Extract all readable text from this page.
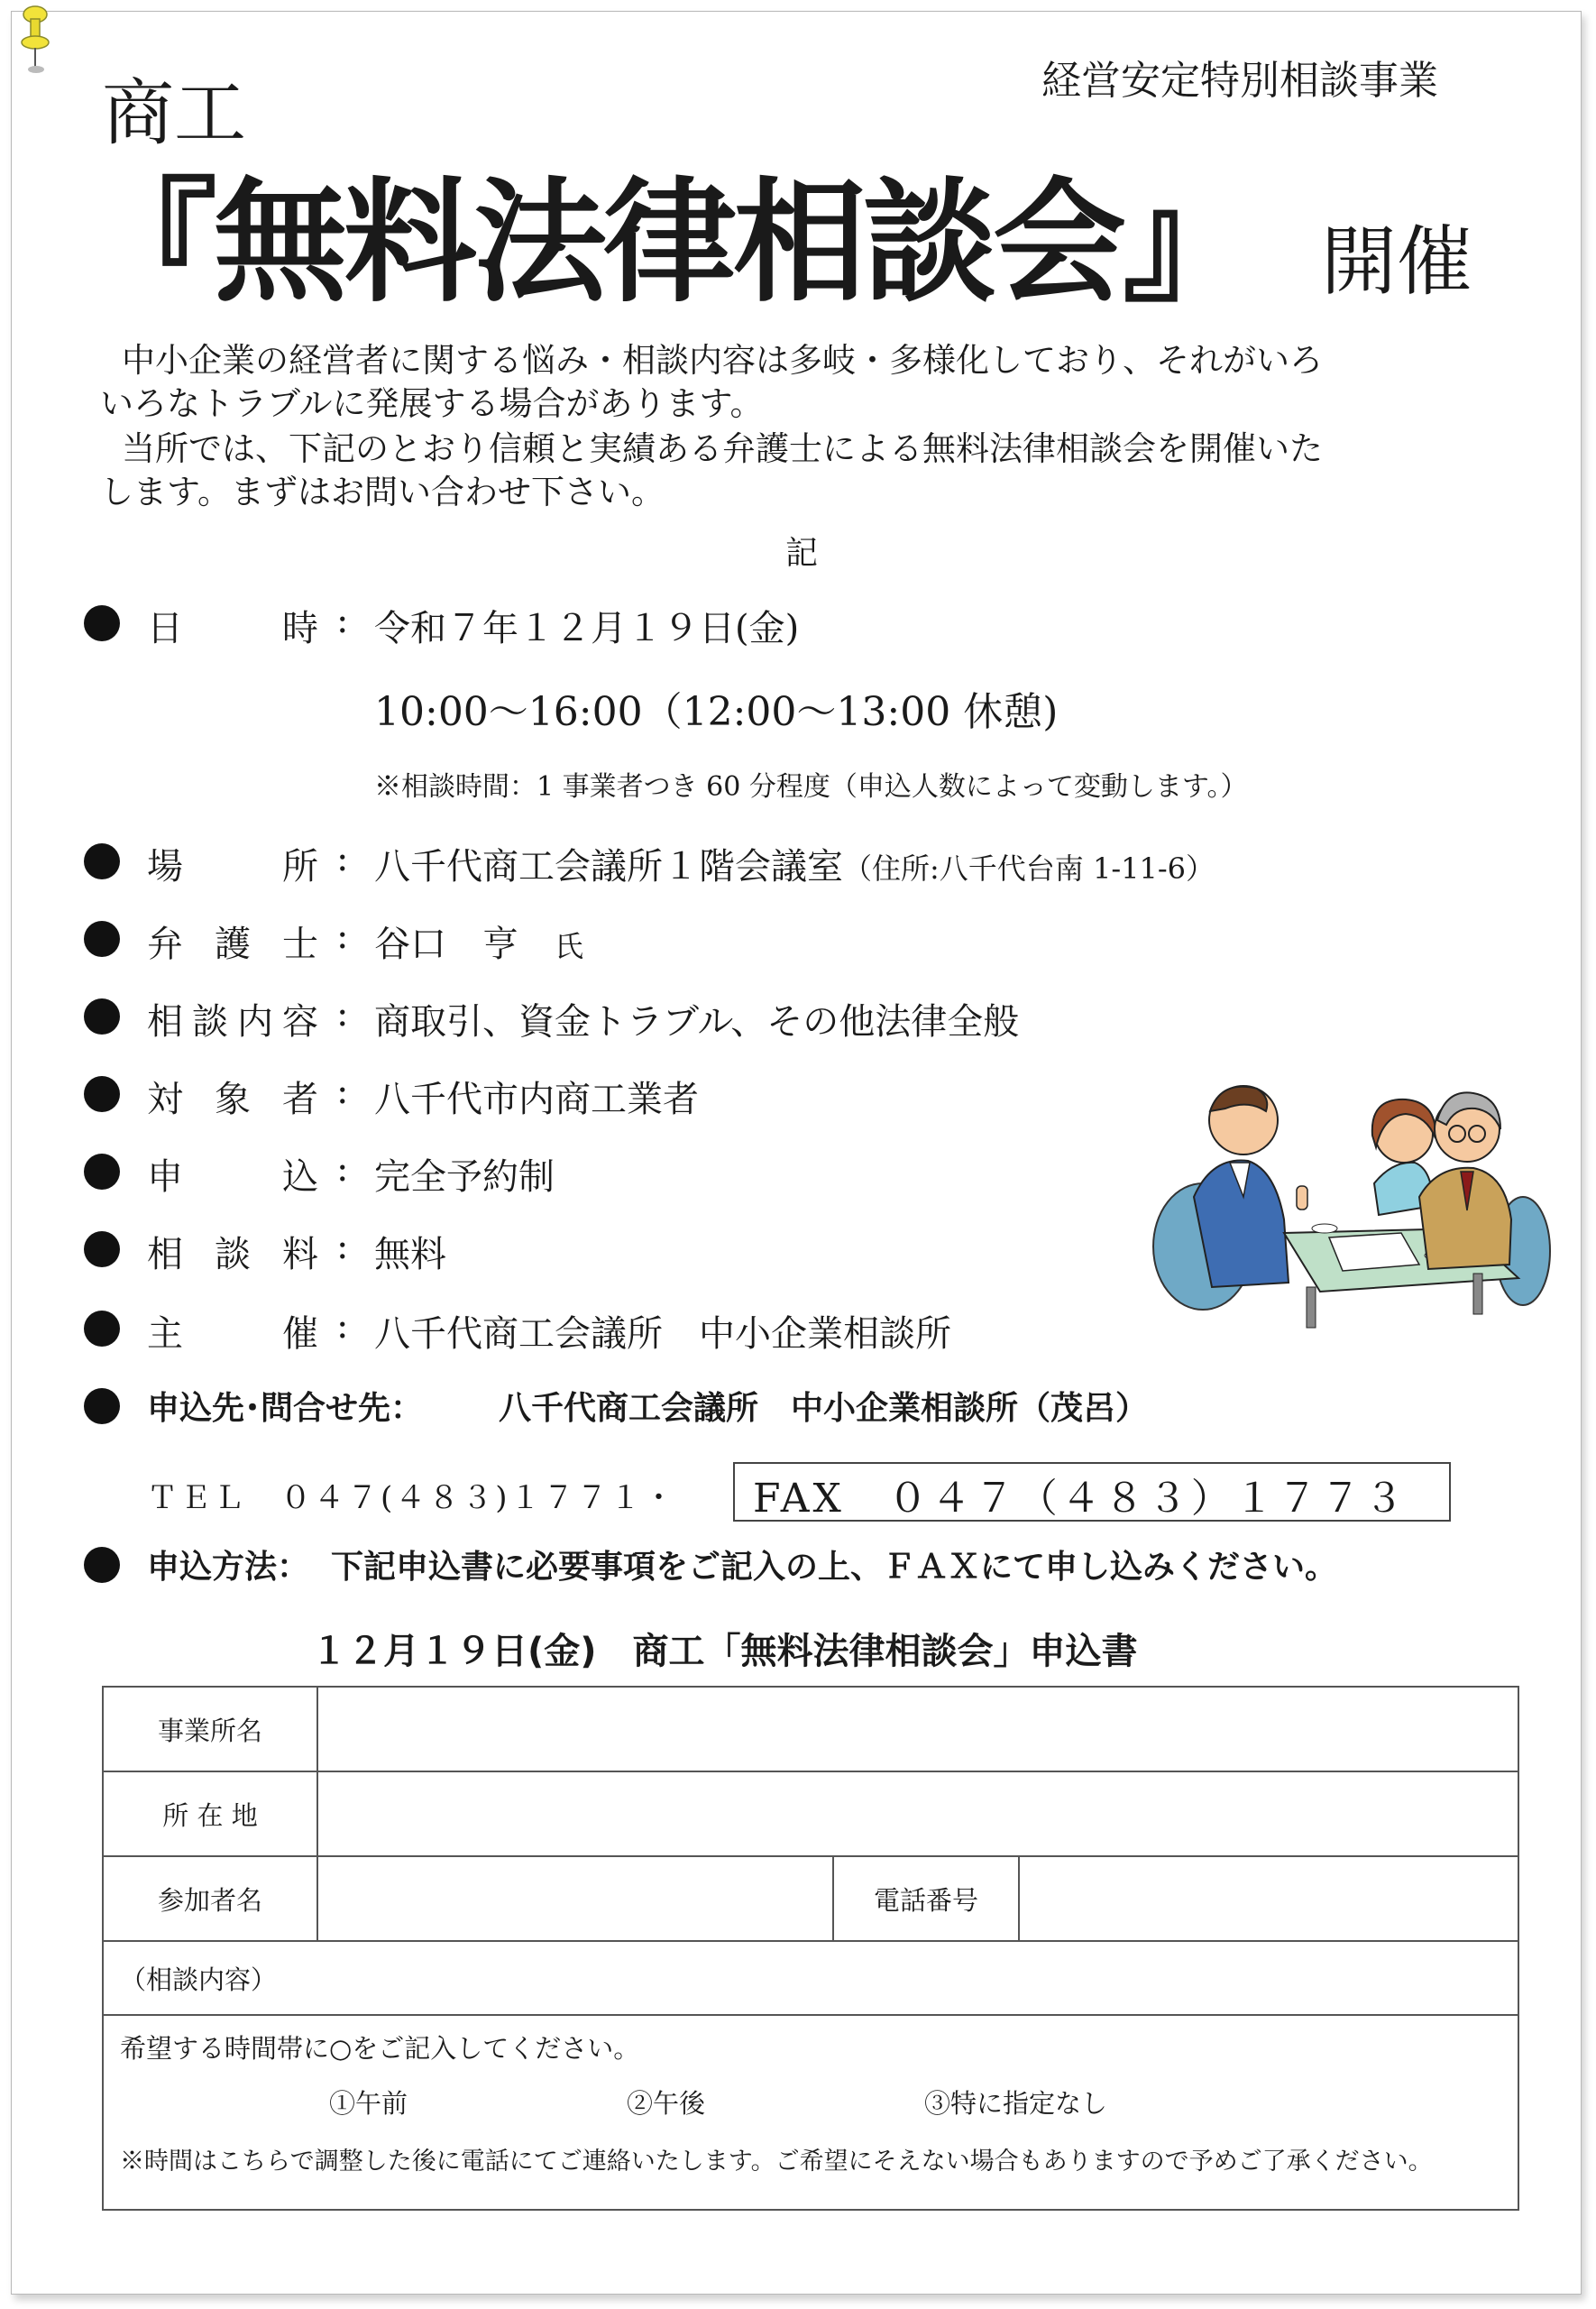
経営安定特別相談事業
商工
『無料法律相談会』 開催
中小企業の経営者に関する悩み・相談内容は多岐・多様化しており、それがいろ
いろなトラブルに発展する場合があります。
当所では、下記のとおり信頼と実績ある弁護士による無料法律相談会を開催いた
します。まずはお問い合わせ下さい。
記
日　　時 : 令和７年１２月１９日(金)
10:00～16:00（12:00～13:00 休憩)
※相談時間：1 事業者つき 60 分程度（申込人数によって変動します。）
場　　所 : 八千代商工会議所１階会議室（住所:八千代台南 1-11-6）
弁護士 : 谷口　亨　 氏
相談内容 : 商取引、資金トラブル、その他法律全般
対象者 : 八千代市内商工業者
申　　込 : 完全予約制
相談料 : 無料
主　　催 : 八千代商工会議所　中小企業相談所
申込先･問合せ先： 八千代商工会議所　中小企業相談所（茂呂）
ＴＥＬ　０４７(４８３)１７７１・ FAX　０４７（４８３）１７７３
申込方法： 下記申込書に必要事項をご記入の上、ＦＡＸにて申し込みください。
１２月１９日(金)　商工「無料法律相談会」申込書
事業所名			
所 在 地			
参加者名		電話番号	
（相談内容）			

希望する時間帯に○をご記入してください。
①午前 ②午後 ③特に指定なし
※時間はこちらで調整した後に電話にてご連絡いたします。ご希望にそえない場合もありますので予めご了承ください。			
